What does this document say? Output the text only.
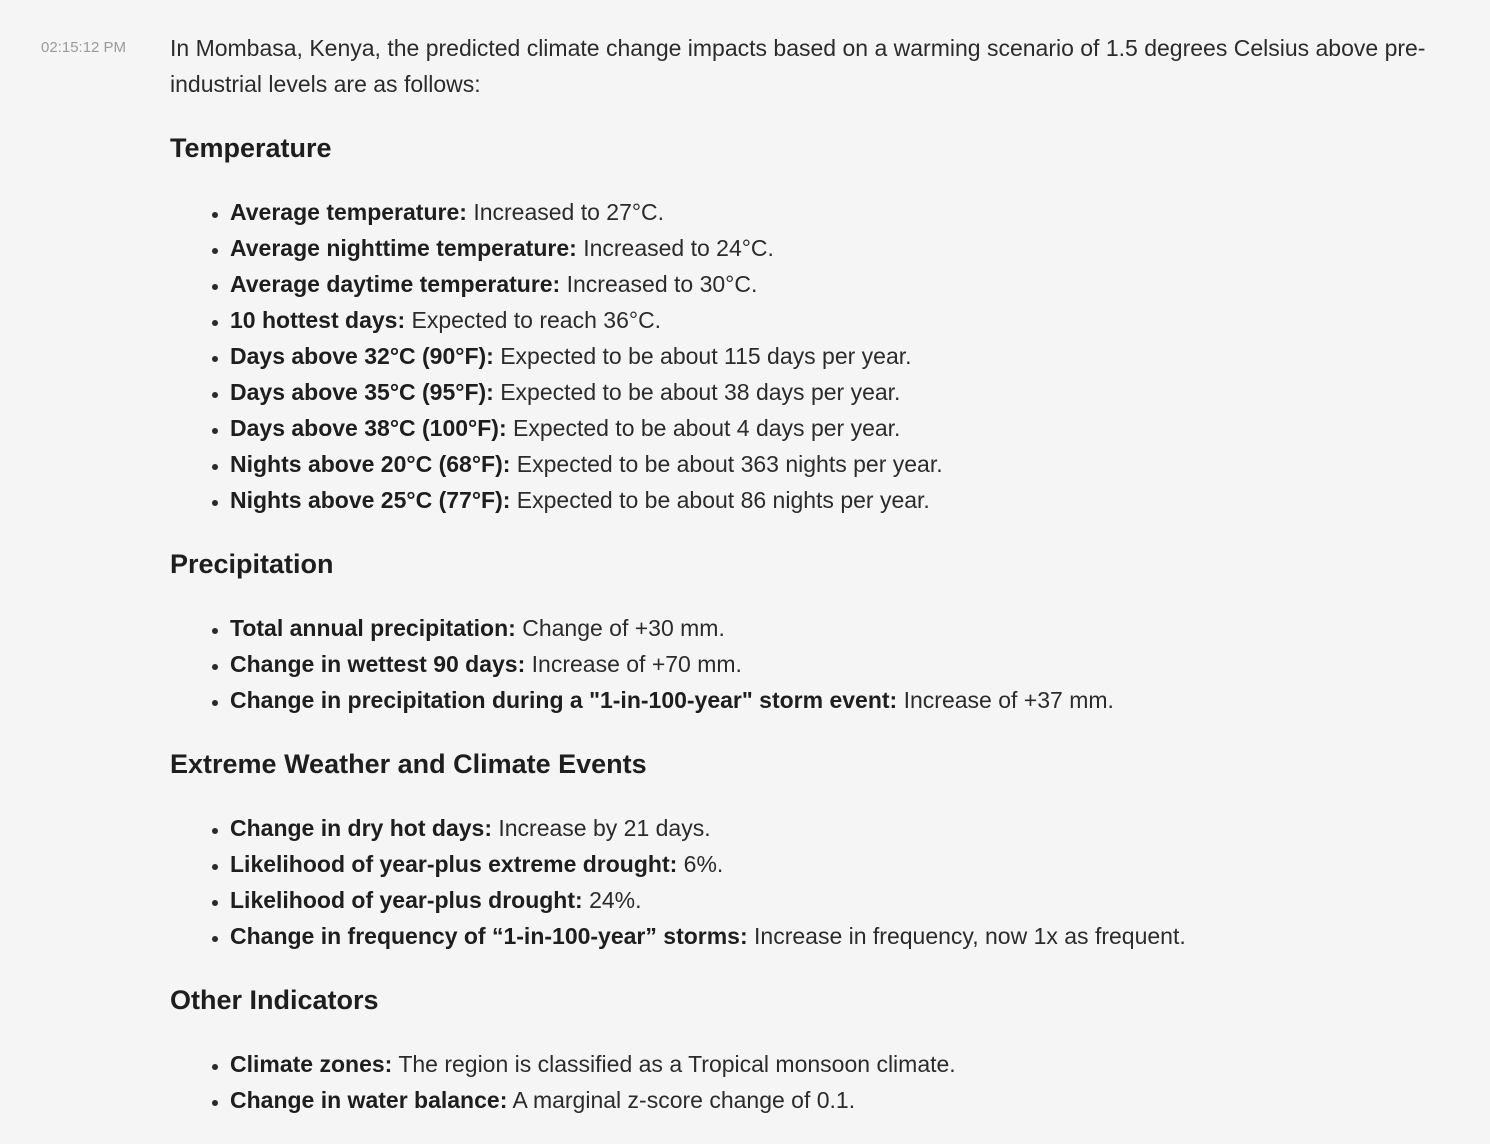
02:15:12 PM In Mombasa, Kenya, the predicted climate change impacts based on a warming scenario of 1.5 degrees Celsius above pre-industrial levels are as follows:

Temperature
• Average temperature: Increased to 27°C.
• Average nighttime temperature: Increased to 24°C.
• Average daytime temperature: Increased to 30°C.
• 10 hottest days: Expected to reach 36°C.
• Days above 32°C (90°F): Expected to be about 115 days per year.
• Days above 35°C (95°F): Expected to be about 38 days per year.
• Days above 38°C (100°F): Expected to be about 4 days per year.
• Nights above 20°C (68°F): Expected to be about 363 nights per year.
• Nights above 25°C (77°F): Expected to be about 86 nights per year.
Precipitation
• Total annual precipitation: Change of +30 mm.
• Change in wettest 90 days: Increase of +70 mm.
• Change in precipitation during a "1-in-100-year" storm event: Increase of +37 mm.
Extreme Weather and Climate Events
• Change in dry hot days: Increase by 21 days.
• Likelihood of year-plus extreme drought: 6%.
• Likelihood of year-plus drought: 24%.
• Change in frequency of “1-in-100-year” storms: Increase in frequency, now 1x as frequent.
Other Indicators
• Climate zones: The region is classified as a Tropical monsoon climate.
• Change in water balance: A marginal z-score change of 0.1.
